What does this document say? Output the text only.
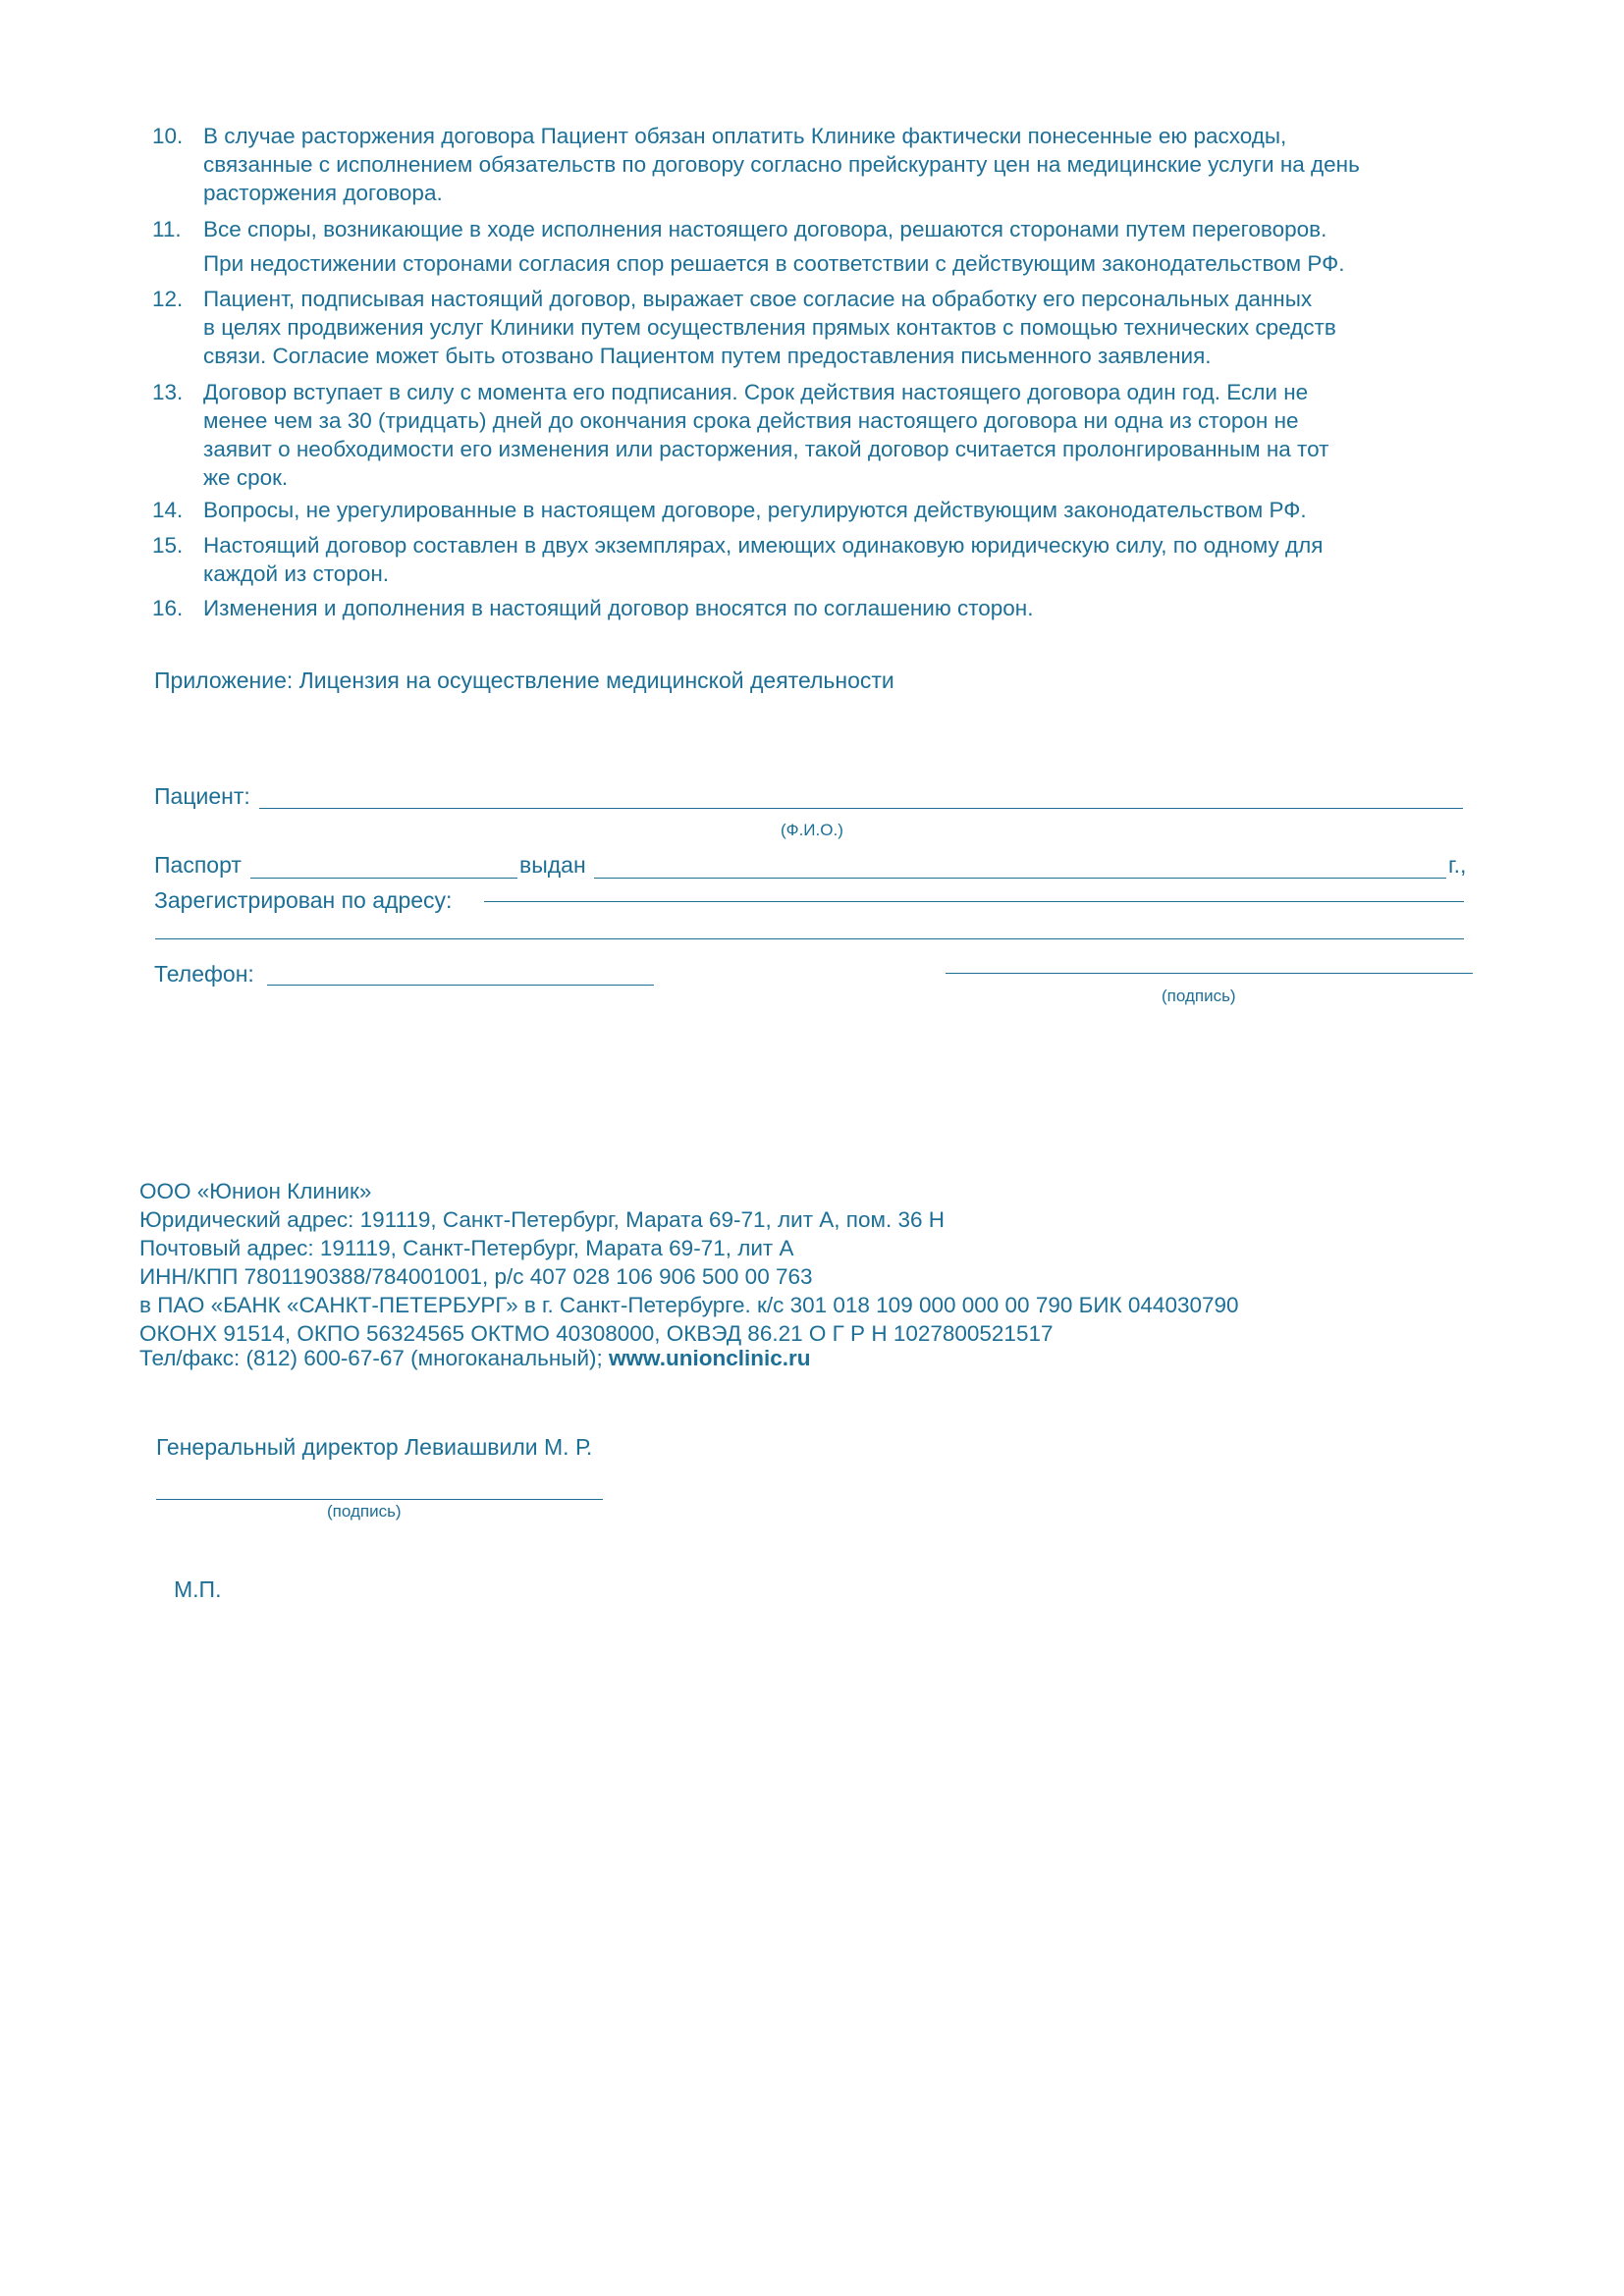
10. В случае расторжения договора Пациент обязан оплатить Клинике фактически понесенные ею расходы,
связанные с исполнением обязательств по договору согласно прейскуранту цен на медицинские услуги на день
расторжения договора.
11. Все споры, возникающие в ходе исполнения настоящего договора, решаются сторонами путем переговоров.
При недостижении сторонами согласия спор решается в соответствии с действующим законодательством РФ.
12. Пациент, подписывая настоящий договор, выражает свое согласие на обработку его персональных данных
в целях продвижения услуг Клиники путем осуществления прямых контактов с помощью технических средств
связи. Согласие может быть отозвано Пациентом путем предоставления письменного заявления.
13. Договор вступает в силу с момента его подписания. Срок действия настоящего договора один год. Если не
менее чем за 30 (тридцать) дней до окончания срока действия настоящего договора ни одна из сторон не
заявит о необходимости его изменения или расторжения, такой договор считается пролонгированным на тот
же срок.
14. Вопросы, не урегулированные в настоящем договоре, регулируются действующим законодательством РФ.
15. Настоящий договор составлен в двух экземплярах, имеющих одинаковую юридическую силу, по одному для
каждой из сторон.
16. Изменения и дополнения в настоящий договор вносятся по соглашению сторон.
Приложение: Лицензия на осуществление медицинской деятельности
Пациент:
(Ф.И.О.)
Паспорт	выдан	г.,
Зарегистрирован по адресу:
Телефон:
(подпись)
ООО «Юнион Клиник»
Юридический адрес: 191119, Санкт-Петербург, Марата 69-71, лит А, пом. 36 Н
Почтовый адрес: 191119, Санкт-Петербург, Марата 69-71, лит А
ИНН/КПП 7801190388/784001001, р/с 407 028 106 906 500 00 763
в ПАО «БАНК «САНКТ-ПЕТЕРБУРГ» в г. Санкт-Петербурге. к/с 301 018 109 000 000 00 790 БИК 044030790
ОКОНХ 91514, ОКПО 56324565 ОКТМО 40308000, ОКВЭД 86.21 О Г Р Н 1027800521517
Тел/факс: (812) 600-67-67 (многоканальный); www.unionclinic.ru
Генеральный директор Левиашвили М. Р.
(подпись)
М.П.
